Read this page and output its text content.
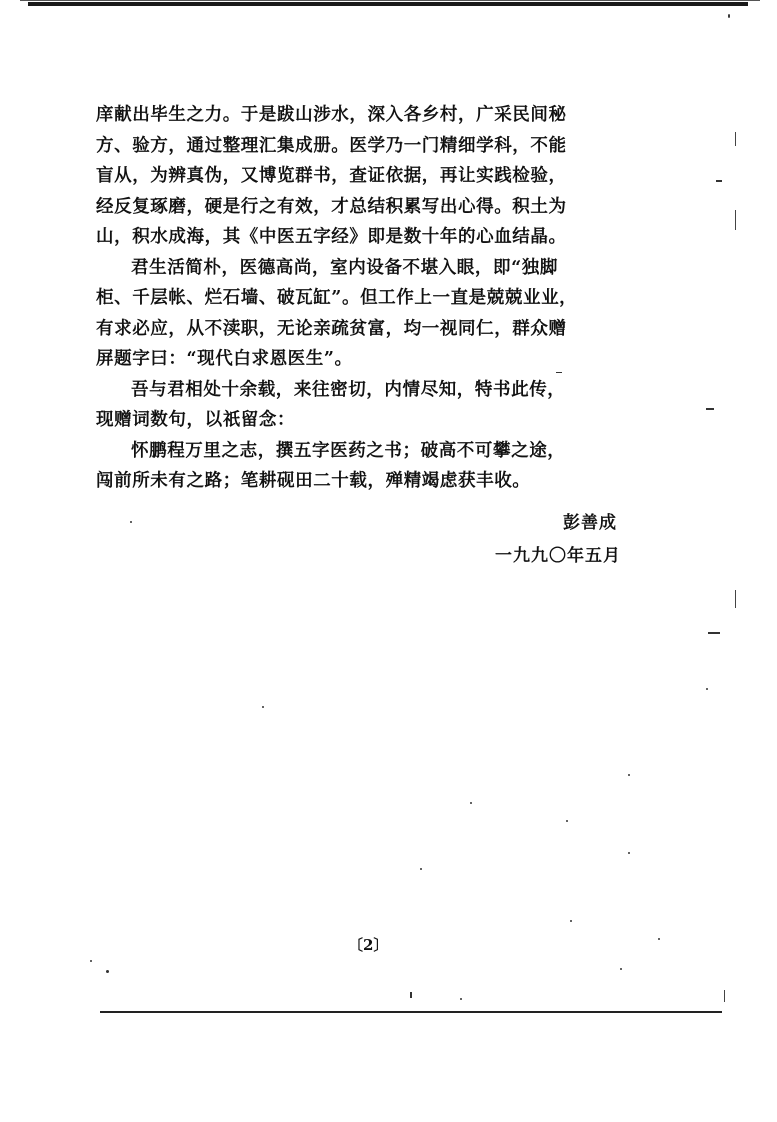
庠献出毕生之力。于是跋山涉水，深入各乡村，广采民间秘
方、验方，通过整理汇集成册。医学乃一门精细学科，不能
盲从，为辨真伪，又博览群书，查证依据，再让实践检验，
经反复琢磨，硬是行之有效，才总结积累写出心得。积土为
山，积水成海，其《中医五字经》即是数十年的心血结晶。

君生活简朴，医德高尚，室内设备不堪入眼，即“独脚
柜、千层帐、烂石墙、破瓦缸”。但工作上一直是兢兢业业，
有求必应，从不渎职，无论亲疏贫富，均一视同仁，群众赠
屏题字曰：“现代白求恩医生”。

吾与君相处十余载，来往密切，内情尽知，特书此传，
现赠词数句，以祇留念：

怀鹏程万里之志，撰五字医药之书；破高不可攀之途，
闯前所未有之路；笔耕砚田二十载，殚精竭虑获丰收。

彭善成
一九九〇年五月
〔2〕
